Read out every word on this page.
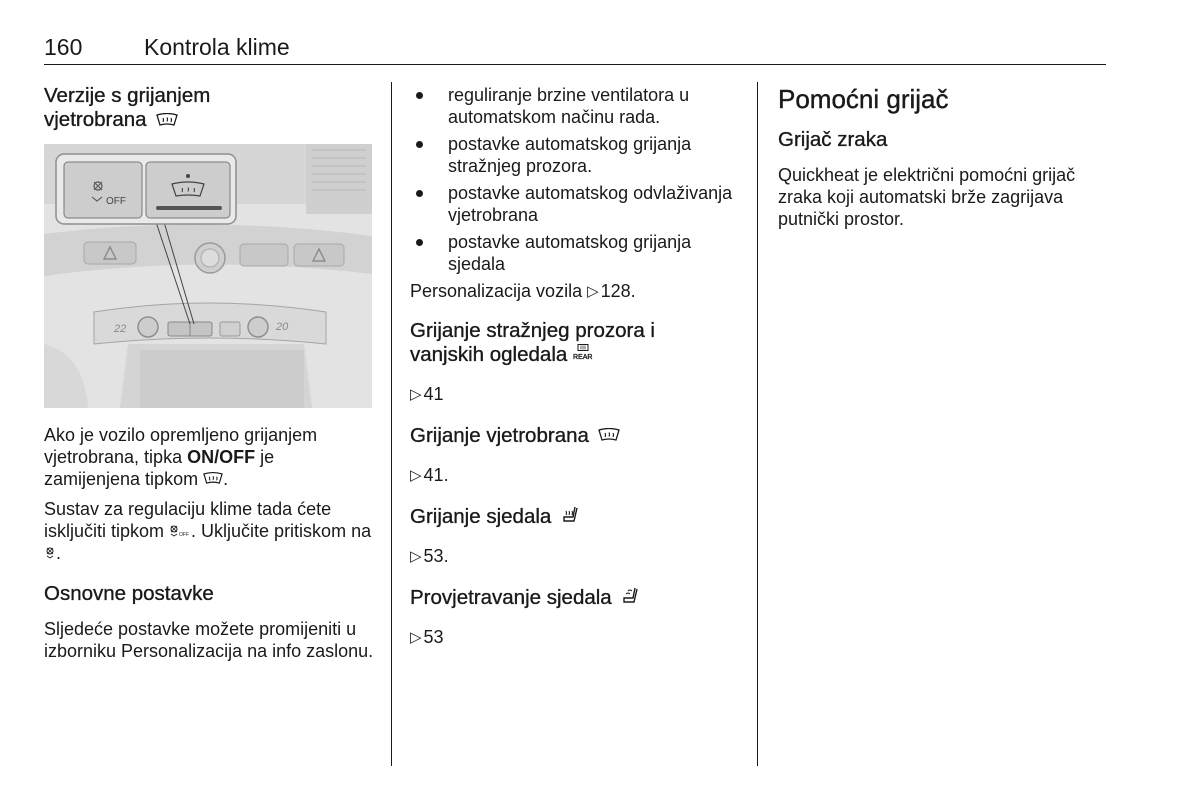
160	Kontrola klime
Verzije s grijanjem
vjetrobrana
22	20
OFF

Ako je vozilo opremljeno grijanjem vjetrobrana, tipka ON/OFF je zamijenjena tipkom .

Sustav za regulaciju klime tada ćete isključiti tipkom OFF . Uključite pritiskom na .

Osnovne postavke

Sljedeće postavke možete promijeniti u izborniku Personalizacija na info zaslonu.

reguliranje brzine ventilatora u automatskom načinu rada.
postavke automatskog grijanja stražnjeg prozora.
postavke automatskog odvlaživanja vjetrobrana
postavke automatskog grijanja sjedala

Personalizacija vozila ▷ 128.

Grijanje stražnjeg prozora i
vanjskih ogledala REAR

▷ 41

Grijanje vjetrobrana

▷ 41.

Grijanje sjedala

▷ 53.

Provjetravanje sjedala

▷ 53

Pomoćni grijač
Grijač zraka

Quickheat je električni pomoćni grijač zraka koji automatski brže zagrijava putnički prostor.
